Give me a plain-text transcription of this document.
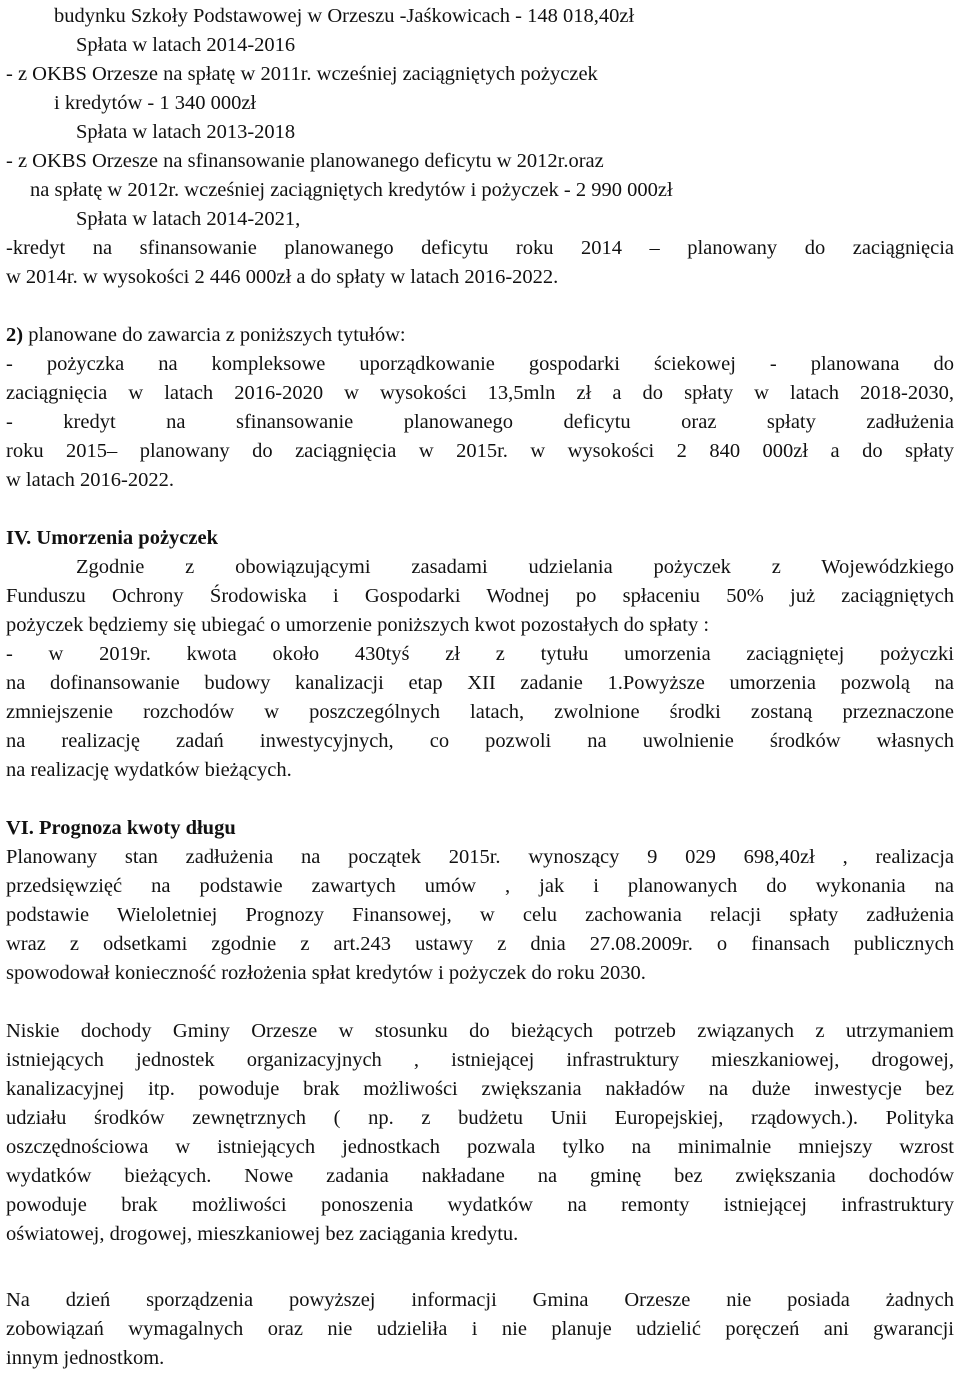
budynku Szkoły Podstawowej w Orzeszu -Jaśkowicach - 148 018,40zł
Spłata w latach 2014-2016
- z OKBS Orzesze na spłatę w 2011r. wcześniej zaciągniętych pożyczek
i kredytów - 1 340 000zł
Spłata w latach 2013-2018
- z OKBS Orzesze na sfinansowanie planowanego deficytu w 2012r.oraz
na spłatę w 2012r. wcześniej zaciągniętych kredytów i pożyczek - 2 990 000zł
Spłata w latach 2014-2021,
-kredyt na sfinansowanie planowanego deficytu roku 2014 – planowany do zaciągnięcia
w 2014r. w wysokości 2 446 000zł a do spłaty w latach 2016-2022.
2) planowane do zawarcia z poniższych tytułów:
- pożyczka na kompleksowe uporządkowanie gospodarki ściekowej - planowana do
zaciągnięcia w latach 2016-2020 w wysokości 13,5mln zł a do spłaty w latach 2018-2030,
- kredyt na sfinansowanie planowanego deficytu oraz spłaty zadłużenia
roku 2015– planowany do zaciągnięcia w 2015r. w wysokości 2 840 000zł a do spłaty
w latach 2016-2022.
IV. Umorzenia pożyczek
Zgodnie z obowiązującymi zasadami udzielania pożyczek z Wojewódzkiego
Funduszu Ochrony Środowiska i Gospodarki Wodnej po spłaceniu 50% już zaciągniętych
pożyczek będziemy się ubiegać o umorzenie poniższych kwot pozostałych do spłaty :
- w 2019r. kwota około 430tyś zł z tytułu umorzenia zaciągniętej pożyczki
na dofinansowanie budowy kanalizacji etap XII zadanie 1.Powyższe umorzenia pozwolą na
zmniejszenie rozchodów w poszczególnych latach, zwolnione środki zostaną przeznaczone
na realizację zadań inwestycyjnych, co pozwoli na uwolnienie środków własnych
na realizację wydatków bieżących.
VI. Prognoza kwoty długu
Planowany stan zadłużenia na początek 2015r. wynoszący 9 029 698,40zł , realizacja
przedsięwzięć na podstawie zawartych umów , jak i planowanych do wykonania na
podstawie Wieloletniej Prognozy Finansowej, w celu zachowania relacji spłaty zadłużenia
wraz z odsetkami zgodnie z art.243 ustawy z dnia 27.08.2009r. o finansach publicznych
spowodował konieczność rozłożenia spłat kredytów i pożyczek do roku 2030.
Niskie dochody Gminy Orzesze w stosunku do bieżących potrzeb związanych z utrzymaniem
istniejących jednostek organizacyjnych , istniejącej infrastruktury mieszkaniowej, drogowej,
kanalizacyjnej itp. powoduje brak możliwości zwiększania nakładów na duże inwestycje bez
udziału środków zewnętrznych ( np. z budżetu Unii Europejskiej, rządowych.). Polityka
oszczędnościowa w istniejących jednostkach pozwala tylko na minimalnie mniejszy wzrost
wydatków bieżących. Nowe zadania nakładane na gminę bez zwiększania dochodów
powoduje brak możliwości ponoszenia wydatków na remonty istniejącej infrastruktury
oświatowej, drogowej, mieszkaniowej bez zaciągania kredytu.
Na dzień sporządzenia powyższej informacji Gmina Orzesze nie posiada żadnych
zobowiązań wymagalnych oraz nie udzieliła i nie planuje udzielić poręczeń ani gwarancji
innym jednostkom.
